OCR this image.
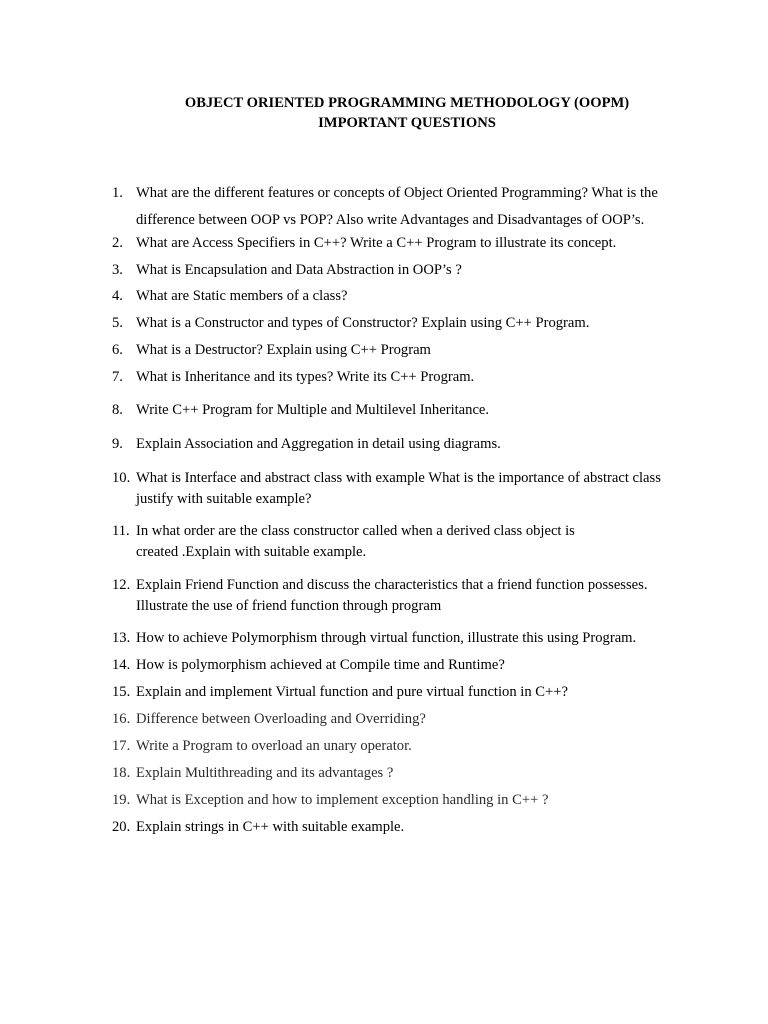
OBJECT ORIENTED PROGRAMMING METHODOLOGY (OOPM)
IMPORTANT QUESTIONS
1. What are the different features or concepts of Object Oriented Programming? What is the difference between OOP vs POP? Also write Advantages and Disadvantages of OOP’s.
2. What are Access Specifiers in C++? Write a C++ Program to illustrate its concept.
3. What is Encapsulation and Data Abstraction in OOP’s ?
4. What are Static members of a class?
5. What is a Constructor and types of Constructor? Explain using C++ Program.
6. What is a Destructor? Explain using C++ Program
7. What is Inheritance and its types? Write its C++ Program.
8. Write C++ Program for Multiple and Multilevel Inheritance.
9. Explain Association and Aggregation in detail using diagrams.
10. What is Interface and abstract class with example What is the importance of abstract class justify with suitable example?
11. In what order are the class constructor called when a derived class object is
created .Explain with suitable example.
12. Explain Friend Function and discuss the characteristics that a friend function possesses. Illustrate the use of friend function through program
13. How to achieve Polymorphism through virtual function, illustrate this using Program.
14. How is polymorphism achieved at Compile time and Runtime?
15. Explain and implement Virtual function and pure virtual function in C++?
16. Difference between Overloading and Overriding?
17. Write a Program to overload an unary operator.
18. Explain Multithreading and its advantages ?
19. What is Exception and how to implement exception handling in C++ ?
20. Explain strings in C++ with suitable example.
